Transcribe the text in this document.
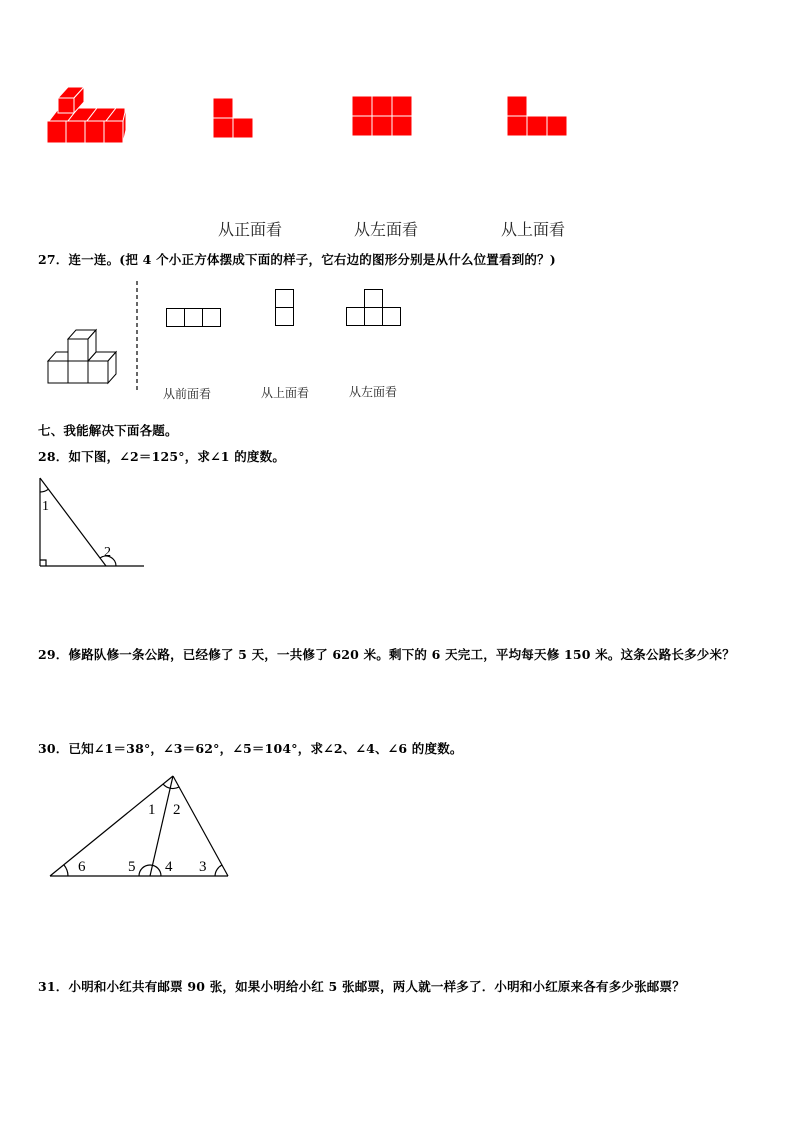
从正面看	从左面看	从上面看
27．连一连。(把 4 个小正方体摆成下面的样子，它右边的图形分别是从什么位置看到的？)
从前面看	从上面看	从左面看
七、我能解决下面各题。
28．如下图，∠2＝125°，求∠1 的度数。
1
2
29．修路队修一条公路，已经修了 5 天，一共修了 620 米。剩下的 6 天完工，平均每天修 150 米。这条公路长多少米？
30．已知∠1＝38°，∠3＝62°，∠5＝104°，求∠2、∠4、∠6 的度数。
1 2
3
4
5
6
31．小明和小红共有邮票 90 张，如果小明给小红 5 张邮票，两人就一样多了．小明和小红原来各有多少张邮票？
